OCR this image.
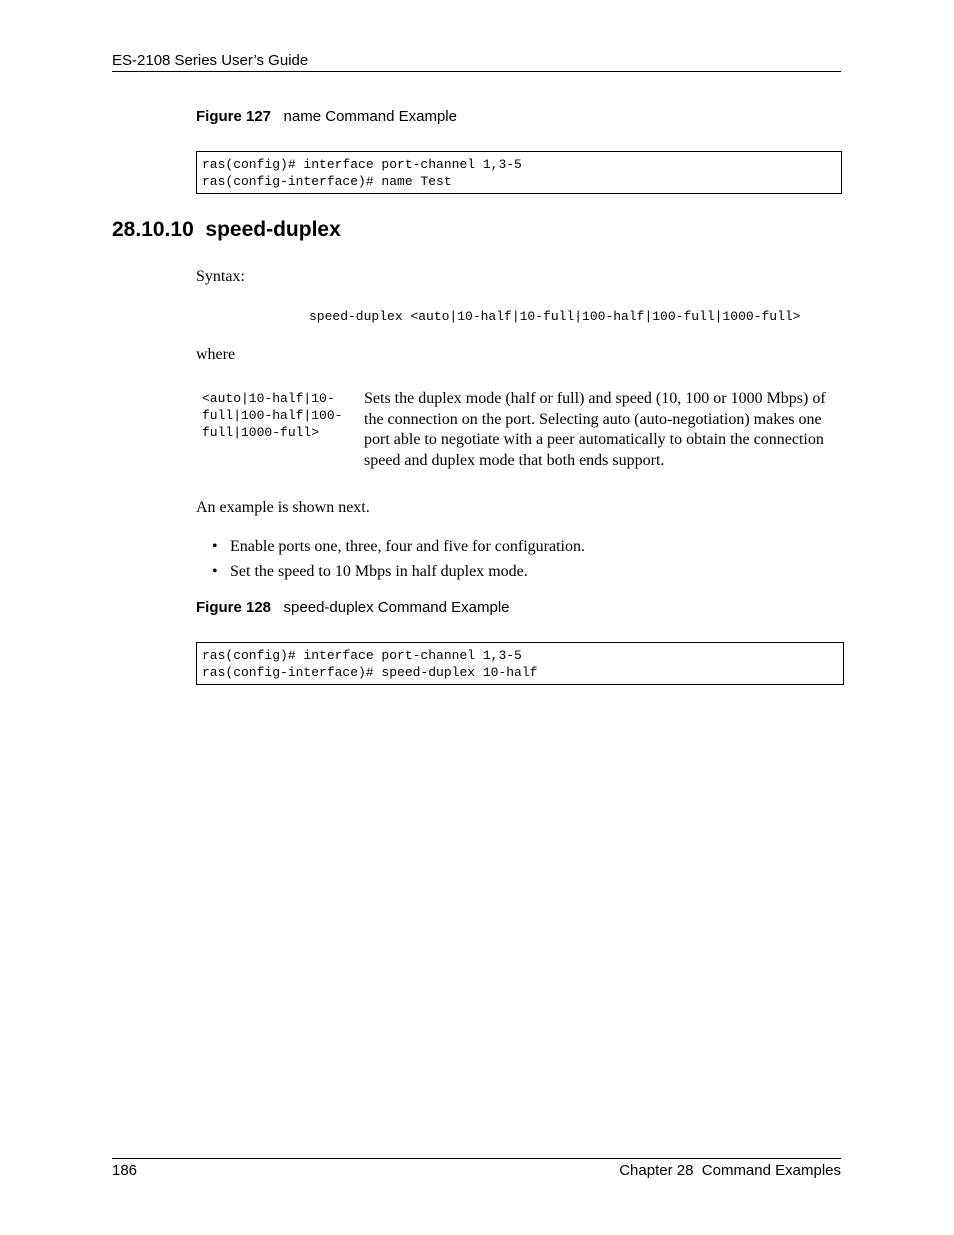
ES-2108 Series User’s Guide
Figure 127 name Command Example
ras(config)# interface port-channel 1,3-5
ras(config-interface)# name Test
28.10.10  speed-duplex
Syntax:
speed-duplex <auto|10-half|10-full|100-half|100-full|1000-full>
where
<auto|10-half|10-
full|100-half|100-
full|1000-full>
Sets the duplex mode (half or full) and speed (10, 100 or 1000 Mbps) of the connection on the port. Selecting auto (auto-negotiation) makes one port able to negotiate with a peer automatically to obtain the connection speed and duplex mode that both ends support.
An example is shown next.
• Enable ports one, three, four and five for configuration.
• Set the speed to 10 Mbps in half duplex mode.
Figure 128 speed-duplex Command Example
ras(config)# interface port-channel 1,3-5
ras(config-interface)# speed-duplex 10-half
186	Chapter 28  Command Examples
